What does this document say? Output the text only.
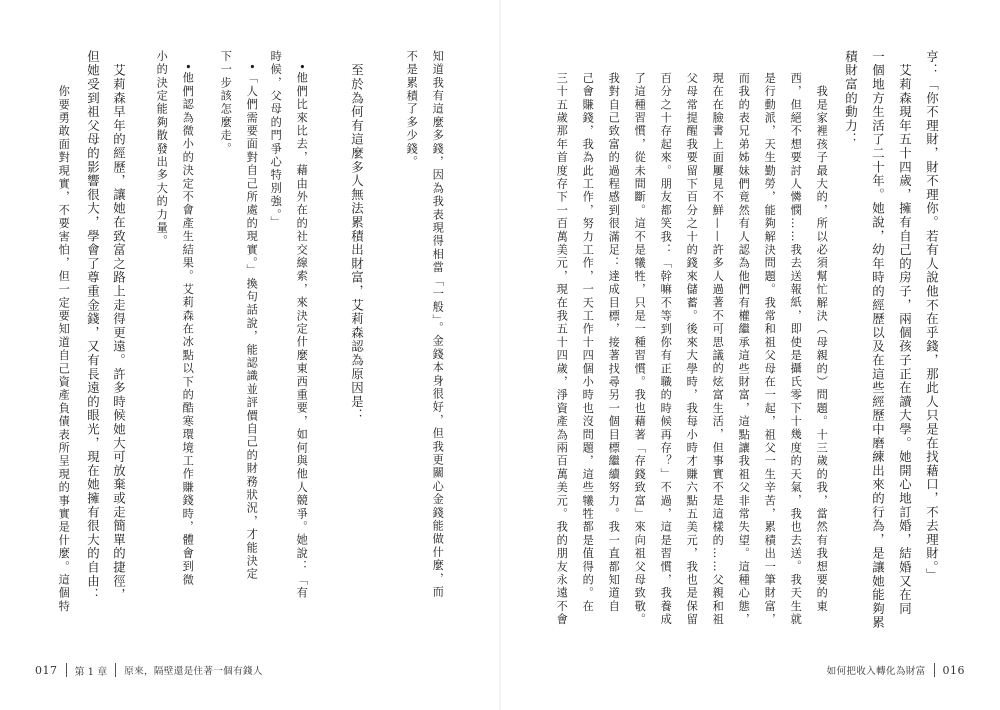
017 第 1 章 原來，隔壁還是住著一個有錢人
知道我有這麼多錢，因為我表現得相當「一般」。金錢本身很好，但我更關心金錢能做什麼，而
不是累積了多少錢。
　至於為何有這麼多人無法累積出財富，艾莉森認為原因是：
　•他們比來比去，藉由外在的社交線索，來決定什麼東西重要，如何與他人競爭。她說：「有
時候，父母的門爭心特別強。」
　•「人們需要面對自己所處的現實。」換句話說，能認識並評價自己的財務狀況，才能決定
下一步該怎麼走。
　•他們認為微小的決定不會產生結果。艾莉森在冰點以下的酷寒環境工作賺錢時，體會到微
小的決定能夠散發出多大的力量。
　艾莉森早年的經歷，讓她在致富之路上走得更遠。許多時候她大可放棄或走簡單的捷徑，
但她受到祖父母的影響很大，學會了尊重金錢，又有長遠的眼光，現在她擁有很大的自由：
　你要勇敢面對現實，不要害怕，但一定要知道自己資產負債表所呈現的事實是什麼。這個特
如何把收入轉化為財富 016
亨：「你不理財，財不理你。若有人說他不在乎錢，那此人只是在找藉口，不去理財。」
　艾莉森現年五十四歲，擁有自己的房子，兩個孩子正在讀大學。她開心地訂婚，結婚又在同
一個地方生活了二十年。她說，幼年時的經歷以及在這些經歷中磨練出來的行為，是讓她能夠累
積財富的動力：
　我是家裡孩子最大的，所以必須幫忙解決（母親的）問題。十三歲的我，當然有我想要的東
西，但絕不想要討人憐憫……我去送報紙，即使是攝氏零下十幾度的天氣，我也去送。我天生就
是行動派，天生勤勞，能夠解決問題。我常和祖父母在一起，祖父一生辛苦，累積出一筆財富，
而我的表兄弟姊妹們竟然有人認為他們有權繼承這些財富，這點讓我祖父非常失望。這種心態，
現在在臉書上面屢見不鮮——許多人過著不可思議的炫富生活，但事實不是這樣的……父親和祖
父母常提醒我要留下百分之十的錢來儲蓄。後來大學時，我每小時才賺六點五美元，我也是保留
百分之十存起來。朋友都笑我：「幹嘛不等到你有正職的時候再存？」不過，這是習慣，我養成
了這種習慣，從未間斷。這不是犧牲，只是一種習慣。我也藉著「存錢致富」來向祖父母致敬。
我對自己致富的過程感到很滿足：達成目標，接著找尋另一個目標繼續努力。我一直都知道自
己會賺錢，我為此工作，努力工作，一天工作十四個小時也沒問題，這些犧牲都是值得的。在
三十五歲那年首度存下一百萬美元，現在我五十四歲，淨資產為兩百萬美元。我的朋友永遠不會
